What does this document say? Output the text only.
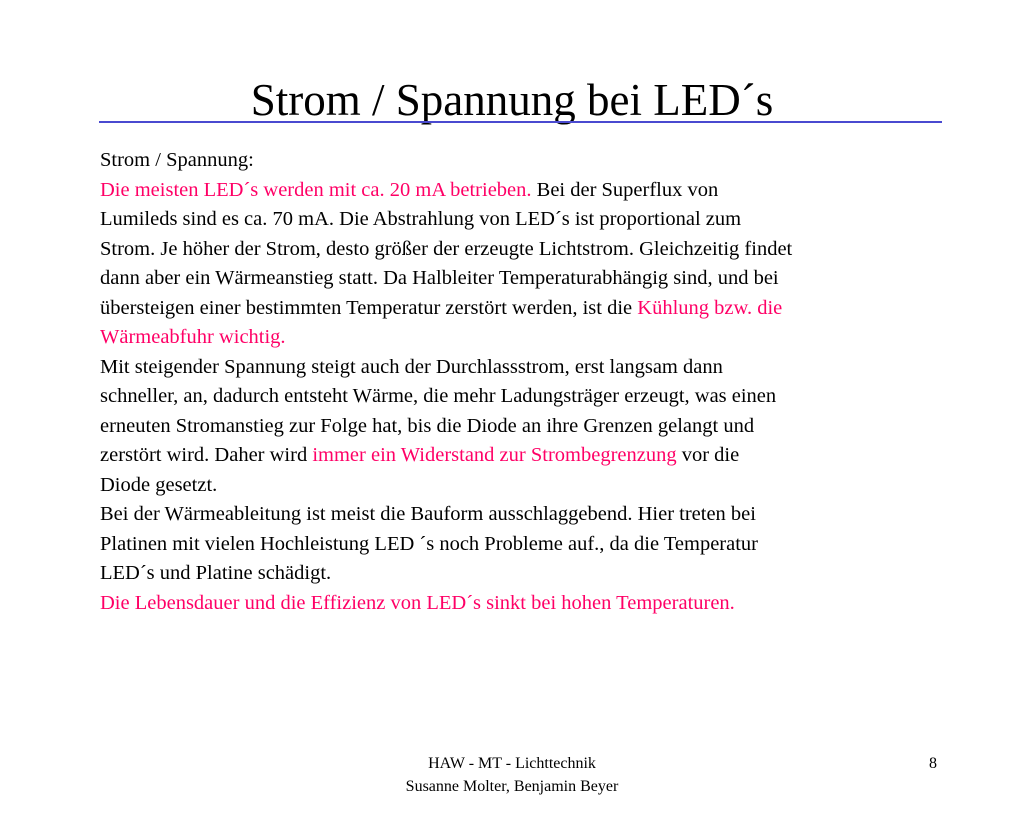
Strom / Spannung bei LED´s
Strom / Spannung:
Die meisten LED´s werden mit ca. 20 mA betrieben. Bei der Superflux von
Lumileds sind es ca. 70 mA. Die Abstrahlung von LED´s ist proportional zum
Strom. Je höher der Strom, desto größer der erzeugte Lichtstrom. Gleichzeitig findet
dann aber ein Wärmeanstieg statt. Da Halbleiter Temperaturabhängig sind, und bei
übersteigen einer bestimmten Temperatur zerstört werden, ist die Kühlung bzw. die
Wärmeabfuhr wichtig.
Mit steigender Spannung steigt auch der Durchlassstrom, erst langsam dann
schneller, an, dadurch entsteht Wärme, die mehr Ladungsträger erzeugt, was einen
erneuten Stromanstieg zur Folge hat, bis die Diode an ihre Grenzen gelangt und
zerstört wird. Daher wird immer ein Widerstand zur Strombegrenzung vor die
Diode gesetzt.
Bei der Wärmeableitung ist meist die Bauform ausschlaggebend. Hier treten bei
Platinen mit vielen Hochleistung LED ´s noch Probleme auf., da die Temperatur
LED´s und Platine schädigt.
Die Lebensdauer und die Effizienz von LED´s sinkt bei hohen Temperaturen.
HAW - MT - Lichttechnik
Susanne Molter, Benjamin Beyer
8
